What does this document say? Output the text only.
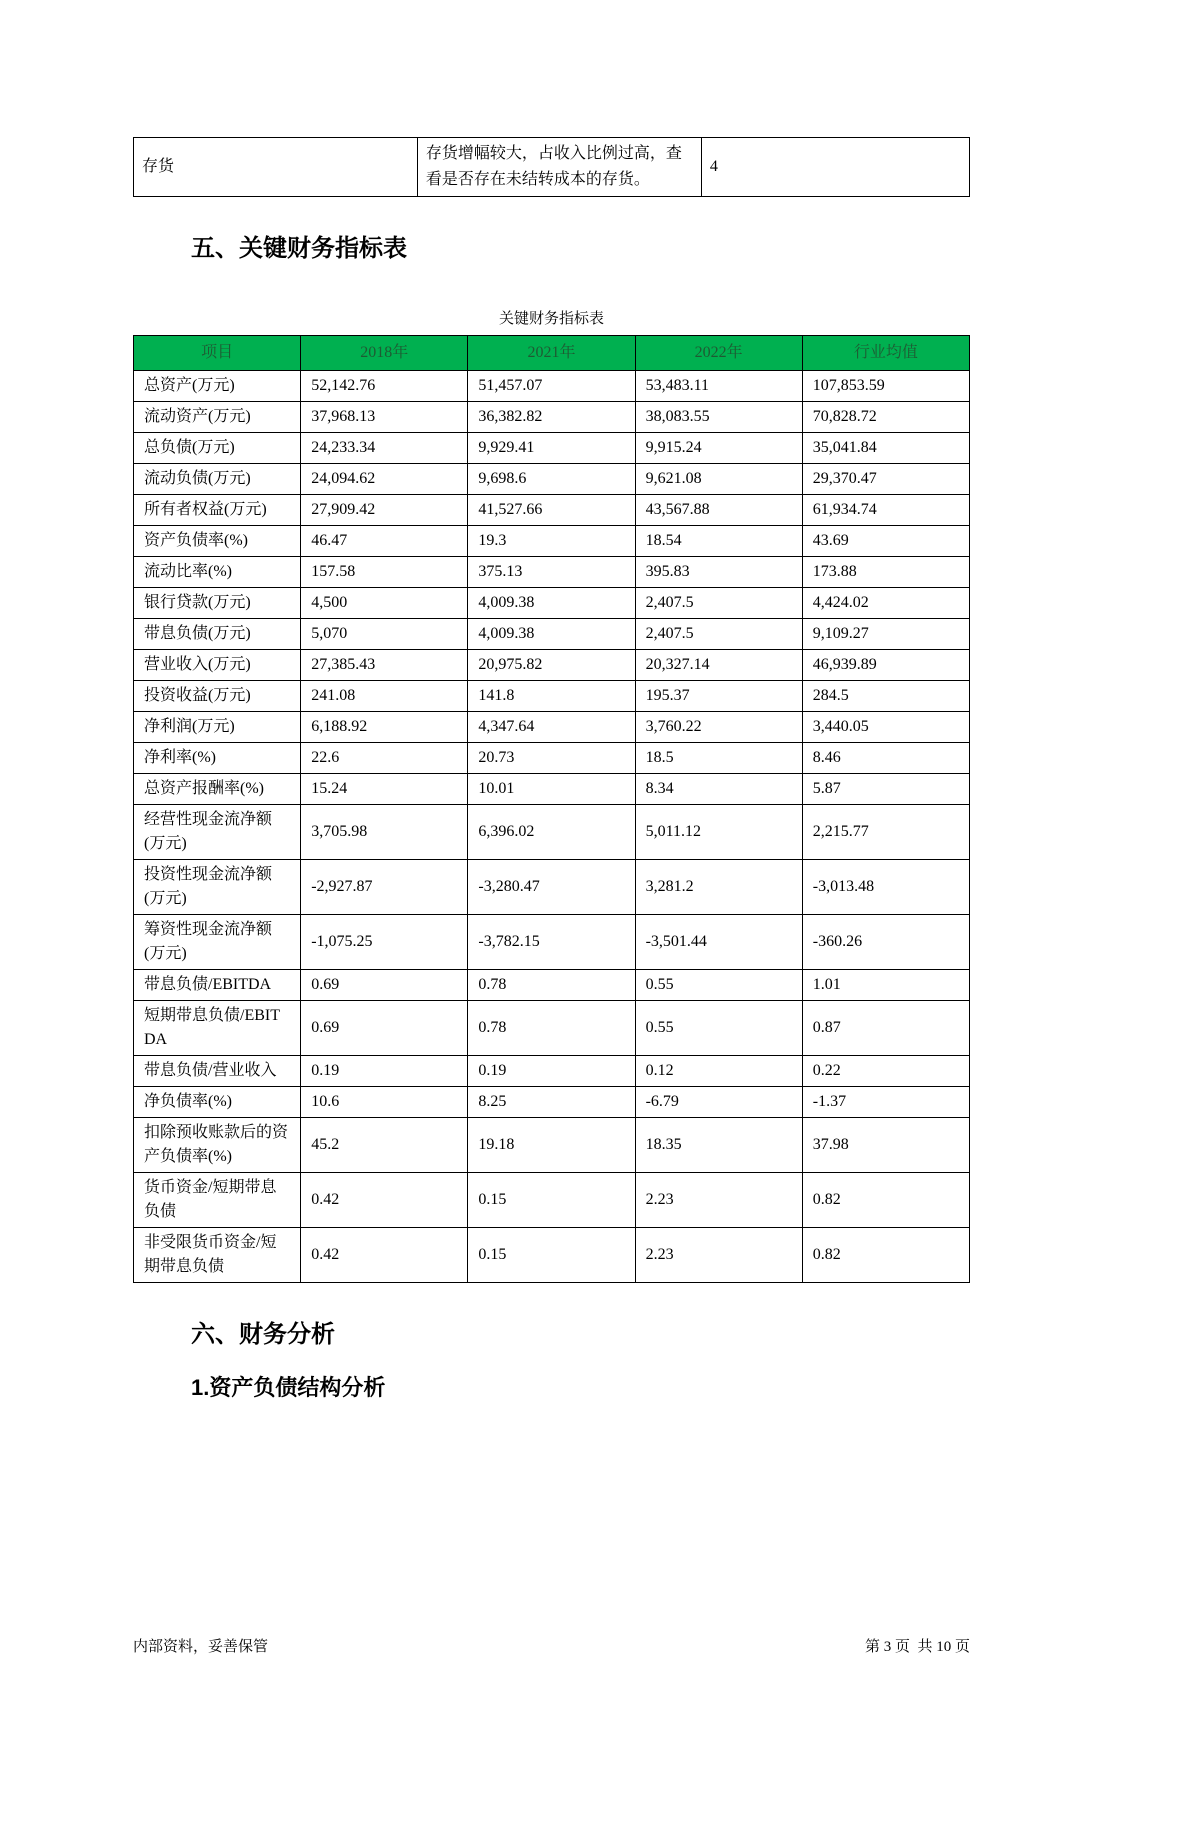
存货	存货增幅较大，占收入比例过高，查看是否存在未结转成本的存货。	4
五、关键财务指标表
关键财务指标表
项目	2018年	2021年	2022年	行业均值
总资产(万元)	52,142.76	51,457.07	53,483.11	107,853.59
流动资产(万元)	37,968.13	36,382.82	38,083.55	70,828.72
总负债(万元)	24,233.34	9,929.41	9,915.24	35,041.84
流动负债(万元)	24,094.62	9,698.6	9,621.08	29,370.47
所有者权益(万元)	27,909.42	41,527.66	43,567.88	61,934.74
资产负债率(%)	46.47	19.3	18.54	43.69
流动比率(%)	157.58	375.13	395.83	173.88
银行贷款(万元)	4,500	4,009.38	2,407.5	4,424.02
带息负债(万元)	5,070	4,009.38	2,407.5	9,109.27
营业收入(万元)	27,385.43	20,975.82	20,327.14	46,939.89
投资收益(万元)	241.08	141.8	195.37	284.5
净利润(万元)	6,188.92	4,347.64	3,760.22	3,440.05
净利率(%)	22.6	20.73	18.5	8.46
总资产报酬率(%)	15.24	10.01	8.34	5.87
经营性现金流净额(万元)	3,705.98	6,396.02	5,011.12	2,215.77
投资性现金流净额(万元)	-2,927.87	-3,280.47	3,281.2	-3,013.48
筹资性现金流净额(万元)	-1,075.25	-3,782.15	-3,501.44	-360.26
带息负债/EBITDA	0.69	0.78	0.55	1.01
短期带息负债/EBITDA	0.69	0.78	0.55	0.87
带息负债/营业收入	0.19	0.19	0.12	0.22
净负债率(%)	10.6	8.25	-6.79	-1.37
扣除预收账款后的资产负债率(%)	45.2	19.18	18.35	37.98
货币资金/短期带息负债	0.42	0.15	2.23	0.82
非受限货币资金/短期带息负债	0.42	0.15	2.23	0.82
六、财务分析
1.资产负债结构分析
内部资料，妥善保管	第 3 页  共 10 页
